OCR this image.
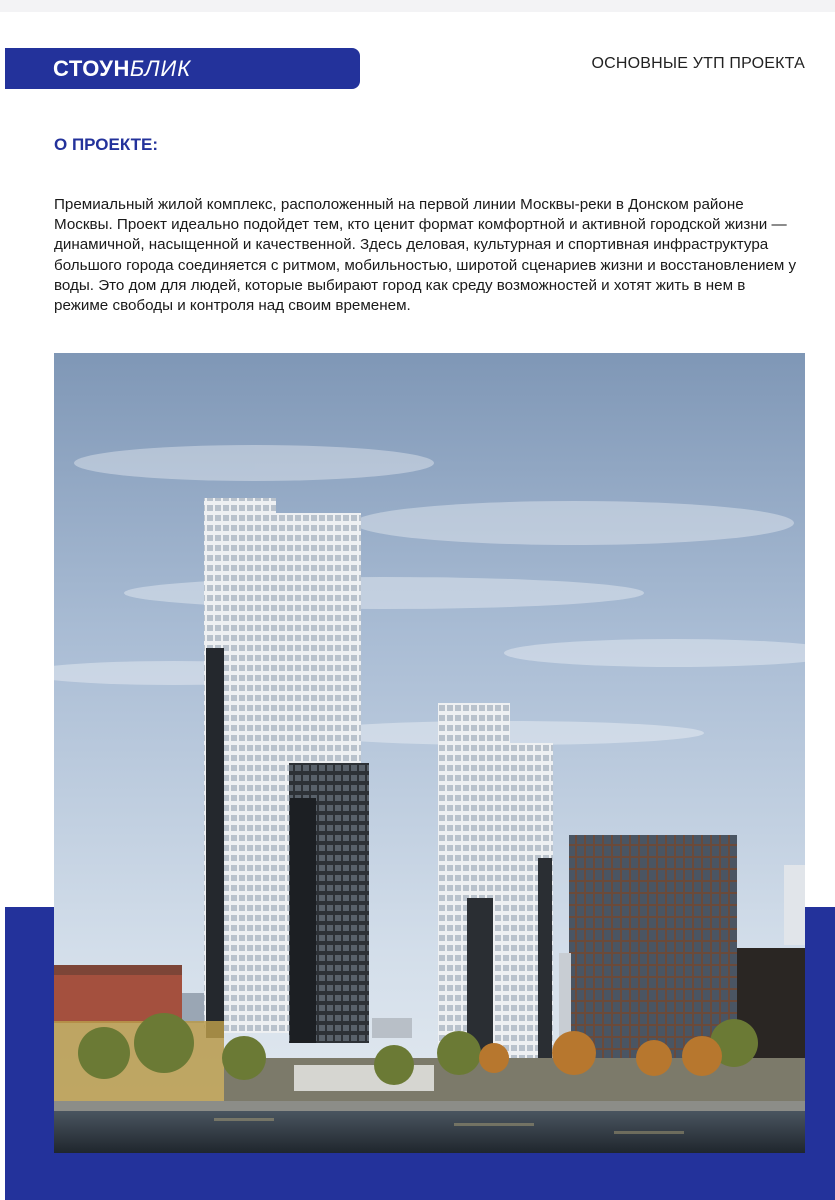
СТОУНБЛИК	ОСНОВНЫЕ УТП ПРОЕКТА
О ПРОЕКТЕ:
Премиальный жилой комплекс, расположенный на первой линии Москвы-реки в Донском районе Москвы. Проект идеально подойдет тем, кто ценит формат комфортной и активной городской жизни — динамичной, насыщенной и качественной. Здесь деловая, культурная и спортивная инфраструктура большого города соединяется с ритмом, мобильностью, широтой сценариев жизни и восстановлением у воды. Это дом для людей, которые выбирают город как среду возможностей и хотят жить в нем в режиме свободы и контроля над своим временем.
